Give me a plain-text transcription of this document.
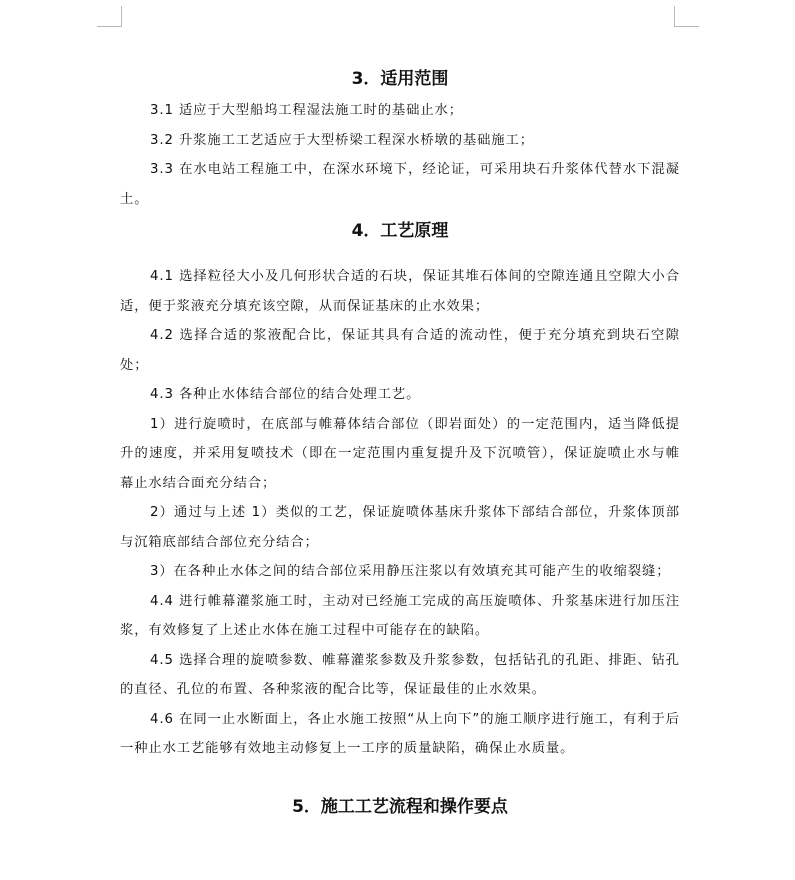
3．适用范围

3.1 适应于大型船坞工程湿法施工时的基础止水；

3.2 升浆施工工艺适应于大型桥梁工程深水桥墩的基础施工；

3.3 在水电站工程施工中，在深水环境下，经论证，可采用块石升浆体代替水下混凝土。

4．工艺原理

4.1 选择粒径大小及几何形状合适的石块，保证其堆石体间的空隙连通且空隙大小合适，便于浆液充分填充该空隙，从而保证基床的止水效果；

4.2 选择合适的浆液配合比，保证其具有合适的流动性，便于充分填充到块石空隙处；

4.3 各种止水体结合部位的结合处理工艺。

1）进行旋喷时，在底部与帷幕体结合部位（即岩面处）的一定范围内，适当降低提升的速度，并采用复喷技术（即在一定范围内重复提升及下沉喷管），保证旋喷止水与帷幕止水结合面充分结合；

2）通过与上述 1）类似的工艺，保证旋喷体基床升浆体下部结合部位，升浆体顶部与沉箱底部结合部位充分结合；

3）在各种止水体之间的结合部位采用静压注浆以有效填充其可能产生的收缩裂缝；

4.4 进行帷幕灌浆施工时，主动对已经施工完成的高压旋喷体、升浆基床进行加压注浆，有效修复了上述止水体在施工过程中可能存在的缺陷。

4.5 选择合理的旋喷参数、帷幕灌浆参数及升浆参数，包括钻孔的孔距、排距、钻孔的直径、孔位的布置、各种浆液的配合比等，保证最佳的止水效果。

4.6 在同一止水断面上，各止水施工按照“从上向下”的施工顺序进行施工，有利于后一种止水工艺能够有效地主动修复上一工序的质量缺陷，确保止水质量。

5．施工工艺流程和操作要点
